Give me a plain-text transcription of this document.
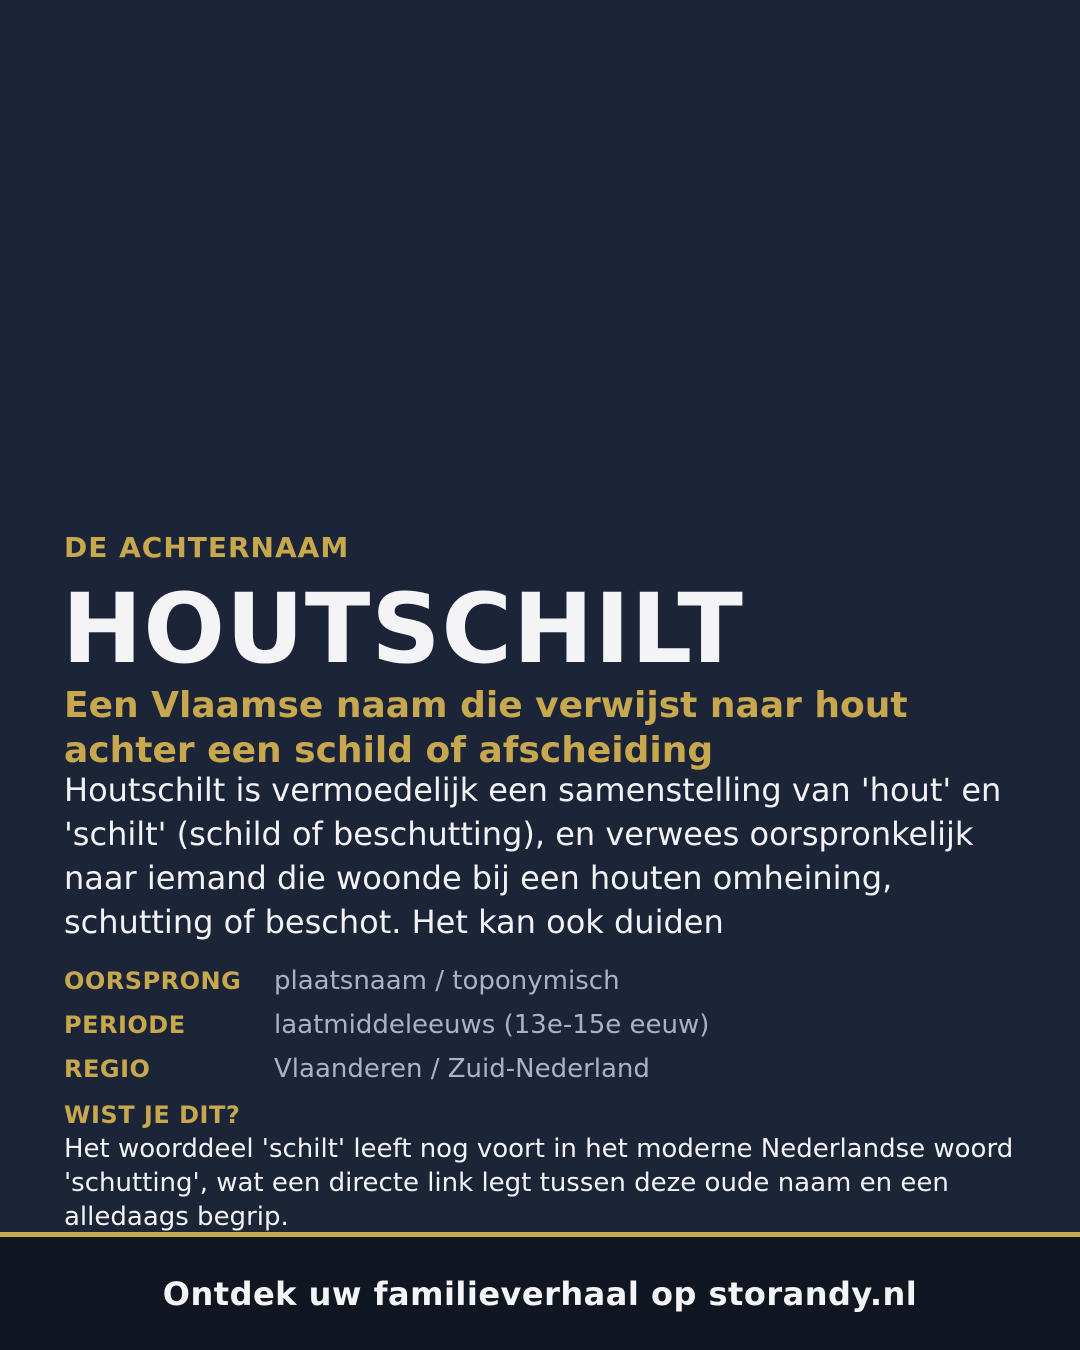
DE ACHTERNAAM
HOUTSCHILT
Een Vlaamse naam die verwijst naar hout achter een schild of afscheiding
Houtschilt is vermoedelijk een samenstelling van 'hout' en 'schilt' (schild of beschutting), en verwees oorspronkelijk naar iemand die woonde bij een houten omheining, schutting of beschot. Het kan ook duiden
OORSPRONG	plaatsnaam / toponymisch
PERIODE	laatmiddeleeuws (13e-15e eeuw)
REGIO	Vlaanderen / Zuid-Nederland
WIST JE DIT?
Het woorddeel 'schilt' leeft nog voort in het moderne Nederlandse woord 'schutting', wat een directe link legt tussen deze oude naam en een alledaags begrip.
Ontdek uw familieverhaal op storandy.nl
